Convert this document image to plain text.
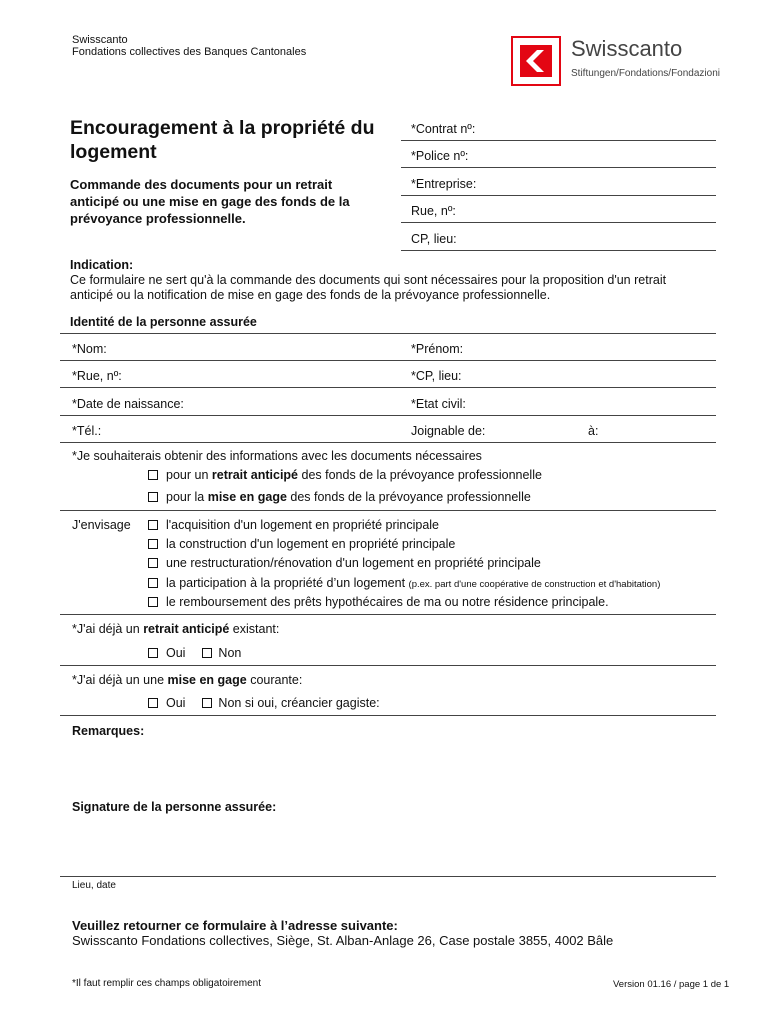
Swisscanto
Fondations collectives des Banques Cantonales	Swisscanto
Stiftungen/Fondations/Fondazioni
Encouragement à la propriété du
logement
Commande des documents pour un retrait
anticipé ou une mise en gage des fonds de la
prévoyance professionnelle.
*Contrat nº:
*Police nº:
*Entreprise:
Rue, nº:
CP, lieu:
Indication:
Ce formulaire ne sert qu'à la commande des documents qui sont nécessaires pour la proposition d'un retrait
anticipé ou la notification de mise en gage des fonds de la prévoyance professionnelle.
Identité de la personne assurée
*Nom:	*Prénom:
*Rue, nº:	*CP, lieu:
*Date de naissance:	*Etat civil:
*Tél.:	Joignable de:	à:
*Je souhaiterais obtenir des informations avec les documents nécessaires
pour un retrait anticipé des fonds de la prévoyance professionnelle
pour la mise en gage des fonds de la prévoyance professionnelle
J'envisage	l'acquisition d'un logement en propriété principale
la construction d'un logement en propriété principale
une restructuration/rénovation d'un logement en propriété principale
la participation à la propriété d’un logement (p.ex. part d'une coopérative de construction et d'habitation)
le remboursement des prêts hypothécaires de ma ou notre résidence principale.
*J'ai déjà un retrait anticipé existant:
Oui	Non
*J'ai déjà un une mise en gage courante:
Oui	Non si oui, créancier gagiste:
Remarques:
Signature de la personne assurée:
Lieu, date
Veuillez retourner ce formulaire à l’adresse suivante:
Swisscanto Fondations collectives, Siège, St. Alban-Anlage 26, Case postale 3855, 4002 Bâle
*Il faut remplir ces champs obligatoirement	Version 01.16 / page 1 de 1
